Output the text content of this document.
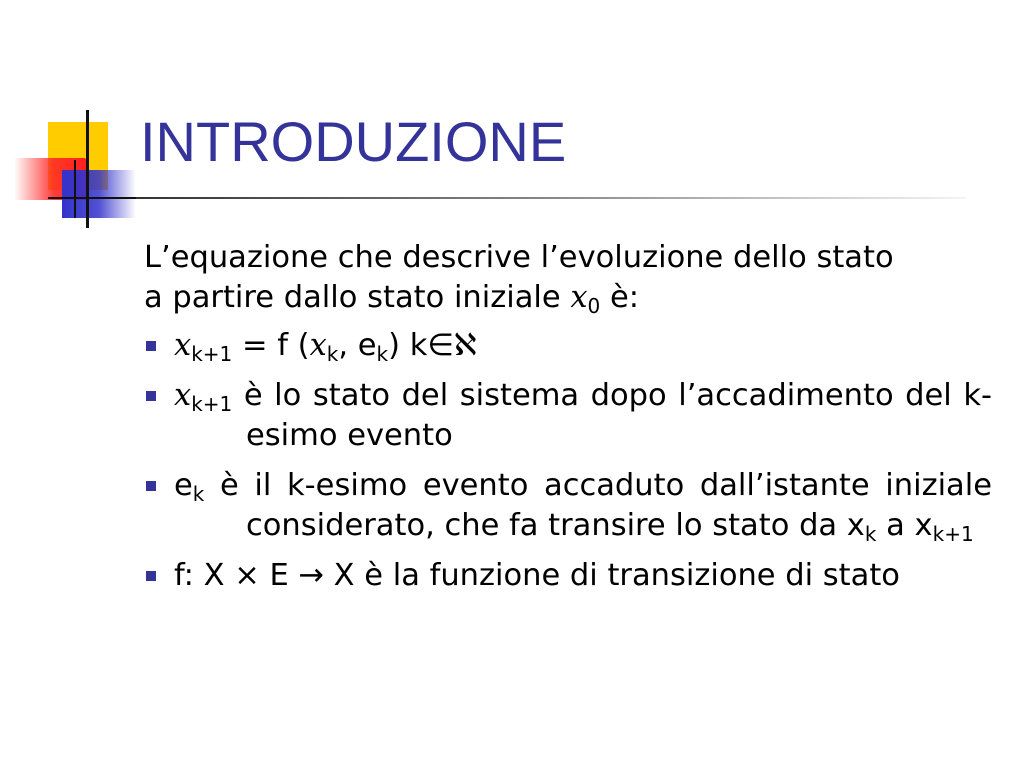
INTRODUZIONE

L’equazione che descrive l’evoluzione dello stato
a partire dallo stato iniziale $x_0$ è:

$x_{k+1} = f$ ($x_k$, $e_k$) k∈ℵ
$x_{k+1}$ è lo stato del sistema dopo l’accadimento del k-esimo evento
$e_k$ è il k-esimo evento accaduto dall’istante iniziale considerato, che fa transire lo stato da $x_k$ a $x_{k+1}$
f: X × E → X è la funzione di transizione di stato
